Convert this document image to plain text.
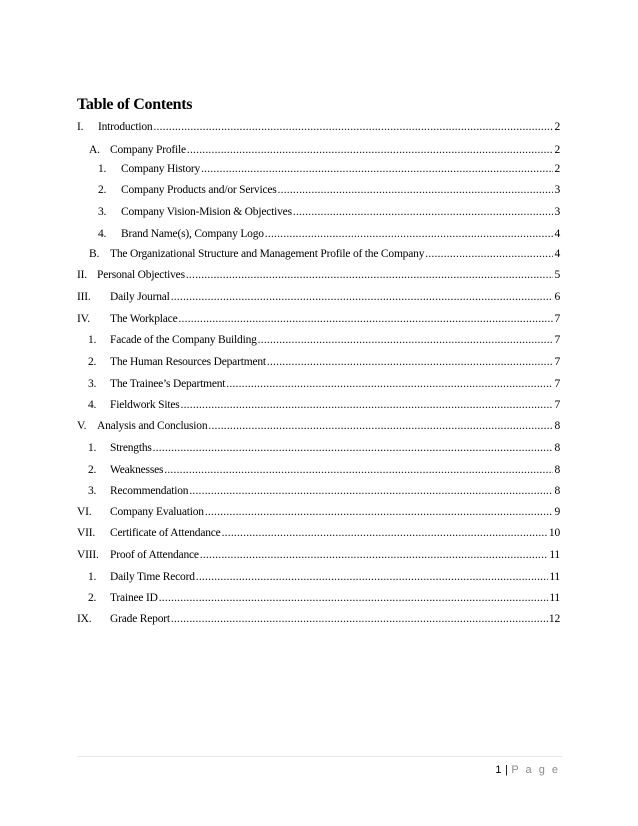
Table of Contents
I.	Introduction .....	2
A. Company Profile .....	2
1.	Company History .....	2
2.	Company Products and/or Services .....	3
3.	Company Vision-Mision & Objectives .....	3
4.	Brand Name(s), Company Logo .....	4
B. The Organizational Structure and Management Profile of the Company .....	4
II. Personal Objectives .....	5
III.	Daily Journal .....	6
IV.	The Workplace .....	7
1.	Facade of the Company Building .....	7
2.	The Human Resources Department .....	7
3.	The Trainee’s Department .....	7
4.	Fieldwork Sites .....	7
V. Analysis and Conclusion .....	8
1.	Strengths .....	8
2.	Weaknesses .....	8
3.	Recommendation .....	8
VI.	Company Evaluation .....	9
VII.	Certificate of Attendance .....	10
VIII. Proof of Attendance .....	11
1.	Daily Time Record .....	11
2.	Trainee ID .....	11
IX.	Grade Report .....	12
1 | P a g e
